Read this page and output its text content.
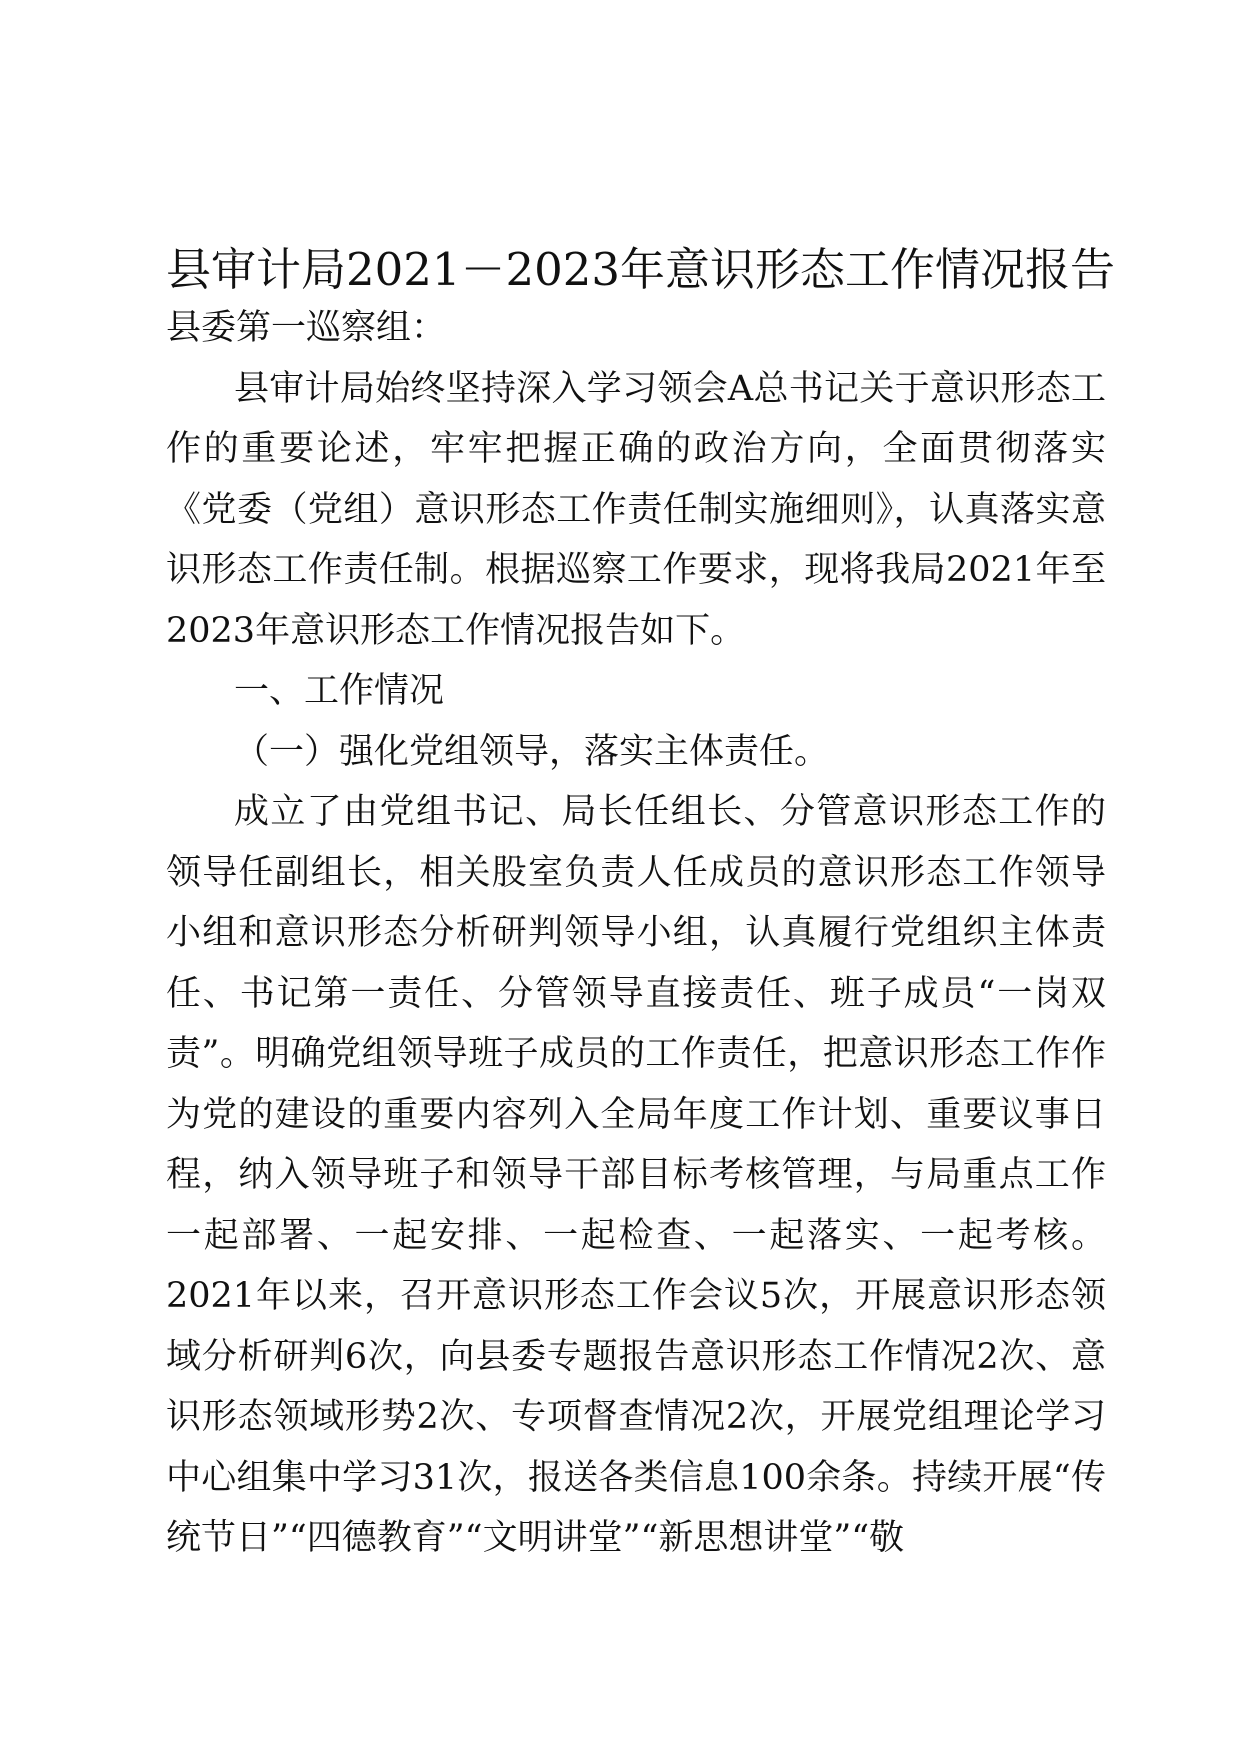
县审计局2021－2023年意识形态工作情况报告

县委第一巡察组：

县审计局始终坚持深入学习领会A总书记关于意识形态工作的重要论述，牢牢把握正确的政治方向，全面贯彻落实《党委（党组）意识形态工作责任制实施细则》，认真落实意识形态工作责任制。根据巡察工作要求，现将我局2021年至2023年意识形态工作情况报告如下。

一、工作情况

（一）强化党组领导，落实主体责任。

成立了由党组书记、局长任组长、分管意识形态工作的领导任副组长，相关股室负责人任成员的意识形态工作领导小组和意识形态分析研判领导小组，认真履行党组织主体责任、书记第一责任、分管领导直接责任、班子成员“一岗双责”。明确党组领导班子成员的工作责任，把意识形态工作作为党的建设的重要内容列入全局年度工作计划、重要议事日程，纳入领导班子和领导干部目标考核管理，与局重点工作一起部署、一起安排、一起检查、一起落实、一起考核。2021年以来，召开意识形态工作会议5次，开展意识形态领域分析研判6次，向县委专题报告意识形态工作情况2次、意识形态领域形势2次、专项督查情况2次，开展党组理论学习中心组集中学习31次，报送各类信息100余条。持续开展“传统节日”“四德教育”“文明讲堂”“新思想讲堂”“敬
